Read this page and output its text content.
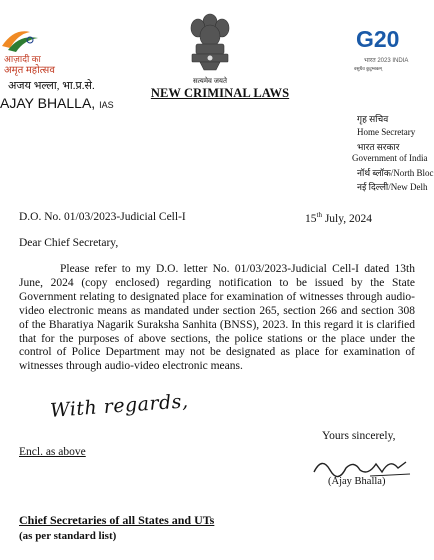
आज़ादी का
अमृत महोत्सव
सत्यमेव जयते
NEW CRIMINAL LAWS
अजय भल्ला, भा.प्र.से.
AJAY BHALLA, IAS
G20
भारत 2023 INDIA
वसुधैव कुटुम्बकम्
गृह सचिव
Home Secretary
भारत सरकार
Government of India
नॉर्थ ब्लॉक/North Bloc
नई दिल्ली/New Delh
D.O. No. 01/03/2023-Judicial Cell-I	15th July, 2024
Dear Chief Secretary,
Please refer to my D.O. letter No. 01/03/2023-Judicial Cell-I dated 13th June, 2024 (copy enclosed) regarding notification to be issued by the State Government relating to designated place for examination of witnesses through audio-video electronic means as mandated under section 265, section 266 and section 308 of the Bharatiya Nagarik Suraksha Sanhita (BNSS), 2023. In this regard it is clarified that for the purposes of above sections, the police stations or the place under the control of Police Department may not be designated as place for examination of witnesses through audio-video electronic means.
With regards,
Yours sincerely,
Encl. as above
(Ajay Bhalla)
Chief Secretaries of all States and UTs
(as per standard list)
